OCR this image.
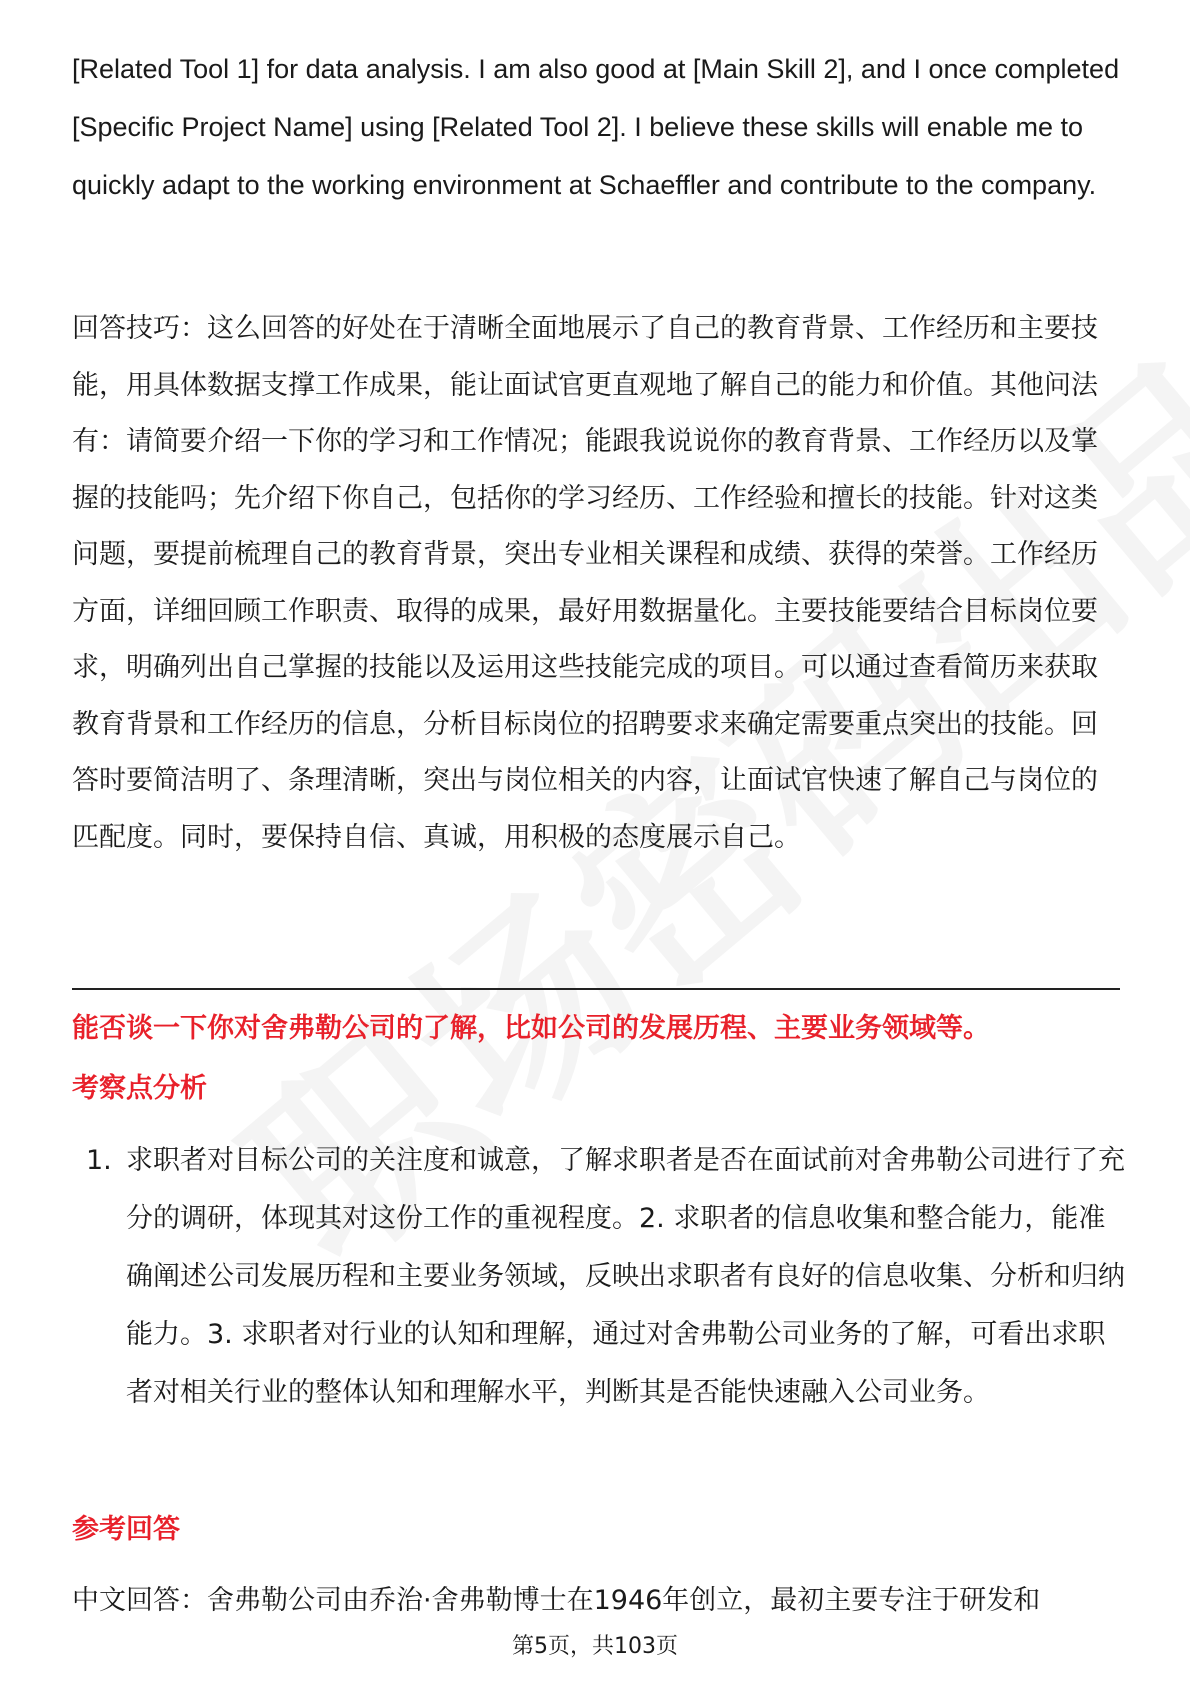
[Related Tool 1] for data analysis. I am also good at [Main Skill 2], and I once completed [Specific Project Name] using [Related Tool 2]. I believe these skills will enable me to quickly adapt to the working environment at Schaeffler and contribute to the company.

回答技巧：这么回答的好处在于清晰全面地展示了自己的教育背景、工作经历和主要技能，用具体数据支撑工作成果，能让面试官更直观地了解自己的能力和价值。其他问法有：请简要介绍一下你的学习和工作情况；能跟我说说你的教育背景、工作经历以及掌握的技能吗；先介绍下你自己，包括你的学习经历、工作经验和擅长的技能。针对这类问题，要提前梳理自己的教育背景，突出专业相关课程和成绩、获得的荣誉。工作经历方面，详细回顾工作职责、取得的成果，最好用数据量化。主要技能要结合目标岗位要求，明确列出自己掌握的技能以及运用这些技能完成的项目。可以通过查看简历来获取教育背景和工作经历的信息，分析目标岗位的招聘要求来确定需要重点突出的技能。回答时要简洁明了、条理清晰，突出与岗位相关的内容，让面试官快速了解自己与岗位的匹配度。同时，要保持自信、真诚，用积极的态度展示自己。

能否谈一下你对舍弗勒公司的了解，比如公司的发展历程、主要业务领域等。

考察点分析
1. 求职者对目标公司的关注度和诚意，了解求职者是否在面试前对舍弗勒公司进行了充分的调研，体现其对这份工作的重视程度。2. 求职者的信息收集和整合能力，能准确阐述公司发展历程和主要业务领域，反映出求职者有良好的信息收集、分析和归纳能力。3. 求职者对行业的认知和理解，通过对舍弗勒公司业务的了解，可看出求职者对相关行业的整体认知和理解水平，判断其是否能快速融入公司业务。
参考回答

中文回答：舍弗勒公司由乔治·舍弗勒博士在1946年创立，最初主要专注于研发和

第5页，共103页
